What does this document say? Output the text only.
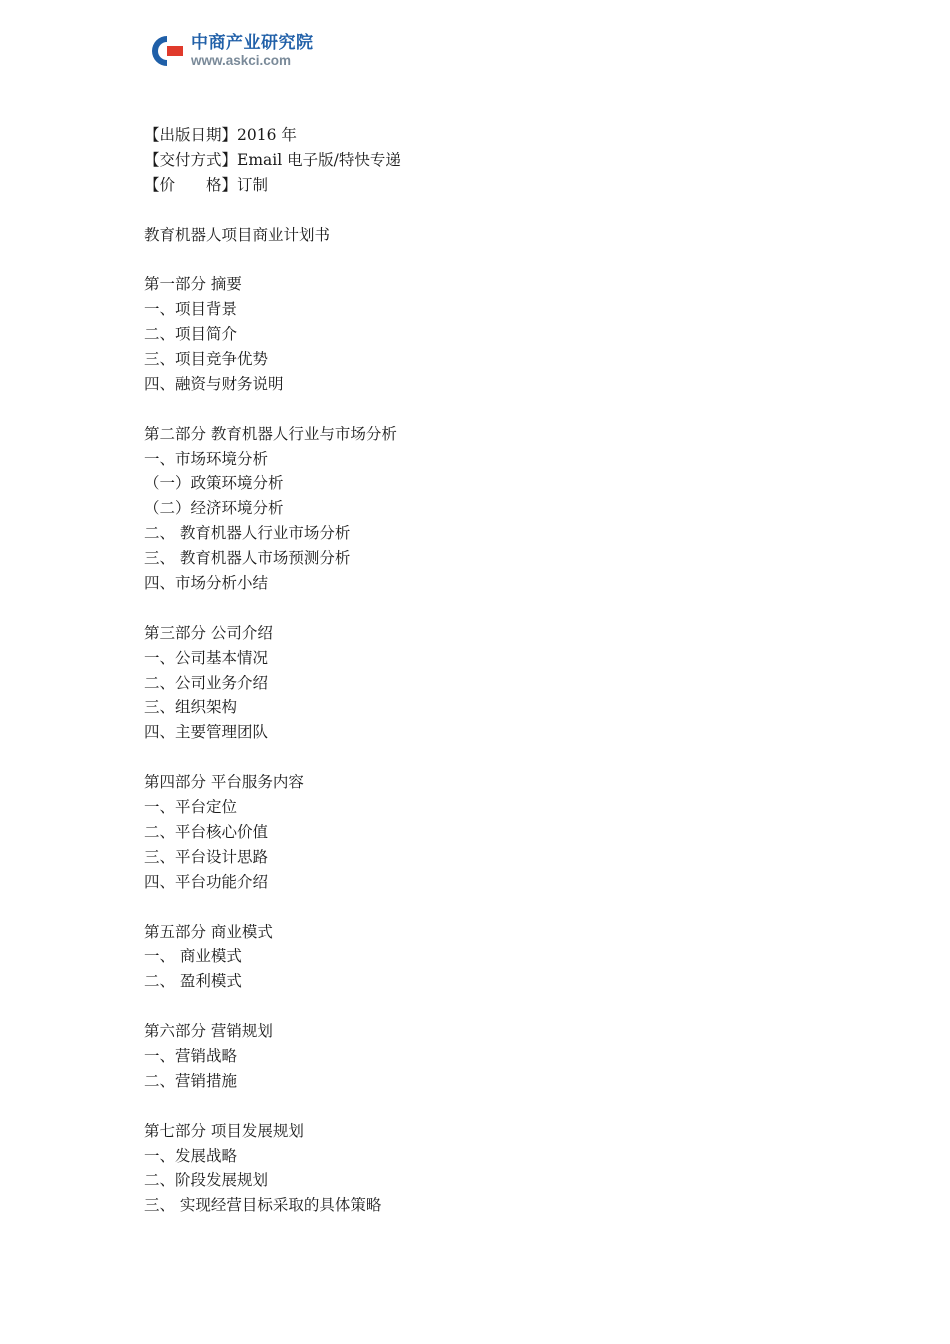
中商产业研究院
www.askci.com
【出版日期】2016 年
【交付方式】Email 电子版/特快专递
【价　　格】订制
教育机器人项目商业计划书
第一部分 摘要
一、项目背景
二、项目简介
三、项目竞争优势
四、融资与财务说明
第二部分 教育机器人行业与市场分析
一、市场环境分析
（一）政策环境分析
（二）经济环境分析
二、 教育机器人行业市场分析
三、 教育机器人市场预测分析
四、市场分析小结
第三部分 公司介绍
一、公司基本情况
二、公司业务介绍
三、组织架构
四、主要管理团队
第四部分 平台服务内容
一、平台定位
二、平台核心价值
三、平台设计思路
四、平台功能介绍
第五部分 商业模式
一、 商业模式
二、 盈利模式
第六部分 营销规划
一、营销战略
二、营销措施
第七部分 项目发展规划
一、发展战略
二、阶段发展规划
三、 实现经营目标采取的具体策略
